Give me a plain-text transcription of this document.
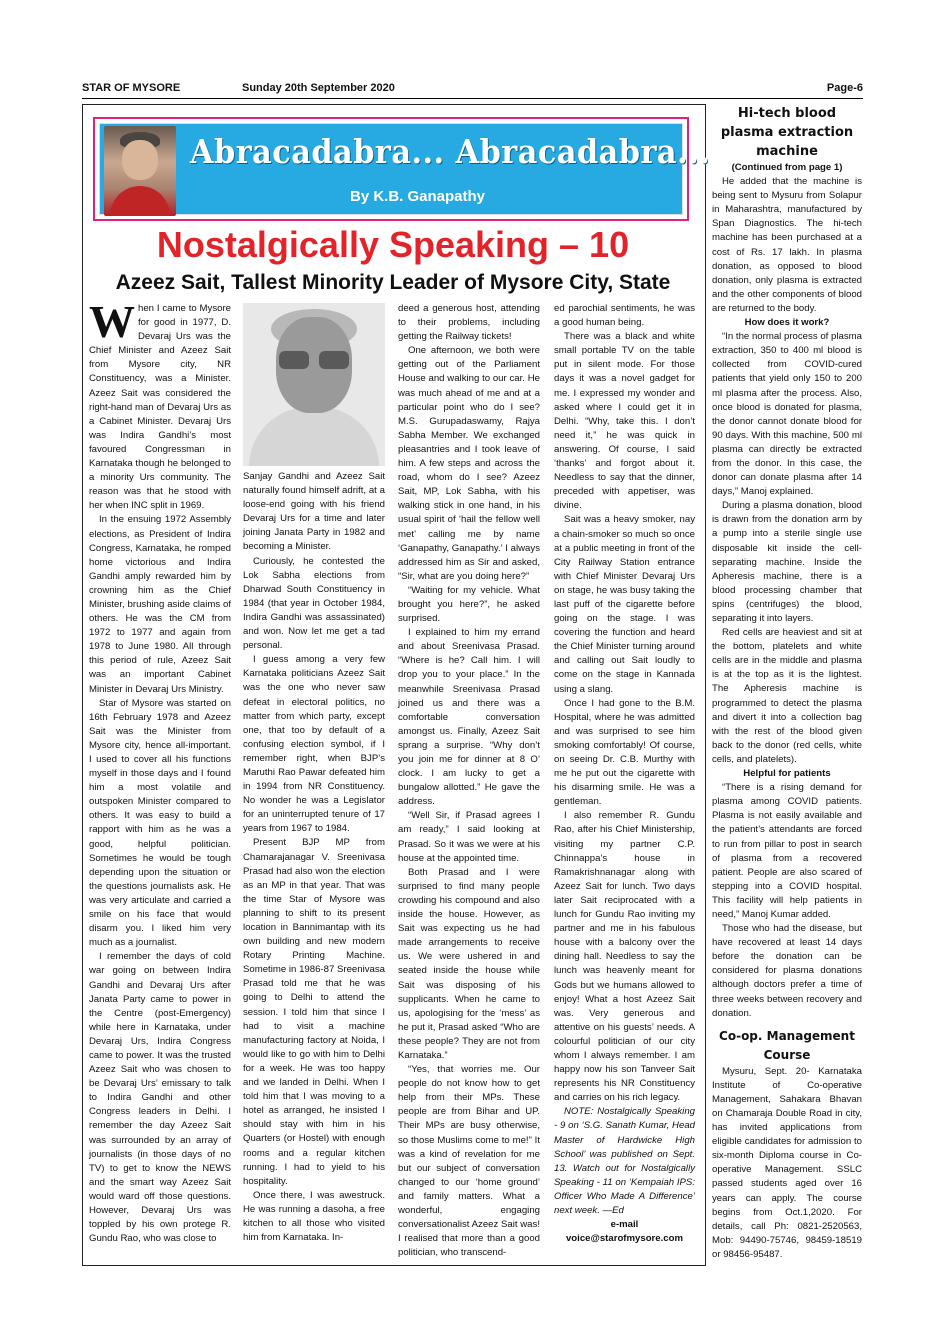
STAR OF MYSORE	Sunday 20th September 2020	Page-6
Abracadabra... Abracadabra...
By K.B. Ganapathy
Nostalgically Speaking – 10
Azeez Sait, Tallest Minority Leader of Mysore City, State

When I came to Mysore for good in 1977, D. Devaraj Urs was the Chief Minister and Azeez Sait from Mysore city, NR Constituency, was a Minister. Azeez Sait was considered the right-hand man of Devaraj Urs as a Cabinet Minister. Devaraj Urs was Indira Gandhi’s most favoured Congressman in Karnataka though he belonged to a minority Urs community. The reason was that he stood with her when INC split in 1969.

In the ensuing 1972 Assembly elections, as President of Indira Congress, Karnataka, he romped home victorious and Indira Gandhi amply rewarded him by crowning him as the Chief Minister, brushing aside claims of others. He was the CM from 1972 to 1977 and again from 1978 to June 1980. All through this period of rule, Azeez Sait was an important Cabinet Minister in Devaraj Urs Ministry.

Star of Mysore was started on 16th February 1978 and Azeez Sait was the Minister from Mysore city, hence all-important. I used to cover all his functions myself in those days and I found him a most volatile and outspoken Minister compared to others. It was easy to build a rapport with him as he was a good, helpful politician. Sometimes he would be tough depending upon the situation or the questions journalists ask. He was very articulate and carried a smile on his face that would disarm you. I liked him very much as a journalist.

I remember the days of cold war going on between Indira Gandhi and Devaraj Urs after Janata Party came to power in the Centre (post-Emergency) while here in Karnataka, under Devaraj Urs, Indira Congress came to power. It was the trusted Azeez Sait who was chosen to be Devaraj Urs’ emissary to talk to Indira Gandhi and other Congress leaders in Delhi. I remember the day Azeez Sait was surrounded by an array of journalists (in those days of no TV) to get to know the NEWS and the smart way Azeez Sait would ward off those questions. However, Devaraj Urs was toppled by his own protege R. Gundu Rao, who was close to

Sanjay Gandhi and Azeez Sait naturally found himself adrift, at a loose-end going with his friend Devaraj Urs for a time and later joining Janata Party in 1982 and becoming a Minister.

Curiously, he contested the Lok Sabha elections from Dharwad South Constituency in 1984 (that year in October 1984, Indira Gandhi was assassinated) and won. Now let me get a tad personal.

I guess among a very few Karnataka politicians Azeez Sait was the one who never saw defeat in electoral politics, no matter from which party, except one, that too by default of a confusing election symbol, if I remember right, when BJP’s Maruthi Rao Pawar defeated him in 1994 from NR Constituency. No wonder he was a Legislator for an uninterrupted tenure of 17 years from 1967 to 1984.

Present BJP MP from Chamarajanagar V. Sreenivasa Prasad had also won the election as an MP in that year. That was the time Star of Mysore was planning to shift to its present location in Bannimantap with its own building and new modern Rotary Printing Machine. Sometime in 1986-87 Sreenivasa Prasad told me that he was going to Delhi to attend the session. I told him that since I had to visit a machine manufacturing factory at Noida, I would like to go with him to Delhi for a week. He was too happy and we landed in Delhi. When I told him that I was moving to a hotel as arranged, he insisted I should stay with him in his Quarters (or Hostel) with enough rooms and a regular kitchen running. I had to yield to his hospitality.

Once there, I was awestruck. He was running a dasoha, a free kitchen to all those who visited him from Karnataka. In-

deed a generous host, attending to their problems, including getting the Railway tickets!

One afternoon, we both were getting out of the Parliament House and walking to our car. He was much ahead of me and at a particular point who do I see? M.S. Gurupadaswamy, Rajya Sabha Member. We exchanged pleasantries and I took leave of him. A few steps and across the road, whom do I see? Azeez Sait, MP, Lok Sabha, with his walking stick in one hand, in his usual spirit of ‘hail the fellow well met’ calling me by name ‘Ganapathy, Ganapathy.’ I always addressed him as Sir and asked, “Sir, what are you doing here?”

“Waiting for my vehicle. What brought you here?”, he asked surprised.

I explained to him my errand and about Sreenivasa Prasad. “Where is he? Call him. I will drop you to your place.” In the meanwhile Sreenivasa Prasad joined us and there was a comfortable conversation amongst us. Finally, Azeez Sait sprang a surprise. “Why don’t you join me for dinner at 8 O’ clock. I am lucky to get a bungalow allotted.” He gave the address.

“Well Sir, if Prasad agrees I am ready,” I said looking at Prasad. So it was we were at his house at the appointed time.

Both Prasad and I were surprised to find many people crowding his compound and also inside the house. However, as Sait was expecting us he had made arrangements to receive us. We were ushered in and seated inside the house while Sait was disposing of his supplicants. When he came to us, apologising for the ‘mess’ as he put it, Prasad asked “Who are these people? They are not from Karnataka.”

“Yes, that worries me. Our people do not know how to get help from their MPs. These people are from Bihar and UP. Their MPs are busy otherwise, so those Muslims come to me!” It was a kind of revelation for me but our subject of conversation changed to our ‘home ground’ and family matters. What a wonderful, engaging conversationalist Azeez Sait was! I realised that more than a good politician, who transcend-

ed parochial sentiments, he was a good human being.

There was a black and white small portable TV on the table put in silent mode. For those days it was a novel gadget for me. I expressed my wonder and asked where I could get it in Delhi. “Why, take this. I don’t need it,” he was quick in answering. Of course, I said ‘thanks’ and forgot about it. Needless to say that the dinner, preceded with appetiser, was divine.

Sait was a heavy smoker, nay a chain-smoker so much so once at a public meeting in front of the City Railway Station entrance with Chief Minister Devaraj Urs on stage, he was busy taking the last puff of the cigarette before going on the stage. I was covering the function and heard the Chief Minister turning around and calling out Sait loudly to come on the stage in Kannada using a slang.

Once I had gone to the B.M. Hospital, where he was admitted and was surprised to see him smoking comfortably! Of course, on seeing Dr. C.B. Murthy with me he put out the cigarette with his disarming smile. He was a gentleman.

I also remember R. Gundu Rao, after his Chief Ministership, visiting my partner C.P. Chinnappa’s house in Ramakrishnanagar along with Azeez Sait for lunch. Two days later Sait reciprocated with a lunch for Gundu Rao inviting my partner and me in his fabulous house with a balcony over the dining hall. Needless to say the lunch was heavenly meant for Gods but we humans allowed to enjoy! What a host Azeez Sait was. Very generous and attentive on his guests’ needs. A colourful politician of our city whom I always remember. I am happy now his son Tanveer Sait represents his NR Constituency and carries on his rich legacy.

NOTE: Nostalgically Speaking - 9 on ‘S.G. Sanath Kumar, Head Master of Hardwicke High School’ was published on Sept. 13. Watch out for Nostalgically Speaking - 11 on ‘Kempaiah IPS: Officer Who Made A Difference’ next week. —Ed

e-mail
voice@starofmysore.com
Hi-tech blood plasma extraction machine
(Continued from page 1)

He added that the machine is being sent to Mysuru from Solapur in Maharashtra, manufactured by Span Diagnostics. The hi-tech machine has been purchased at a cost of Rs. 17 lakh. In plasma donation, as opposed to blood donation, only plasma is extracted and the other components of blood are returned to the body.

How does it work?

“In the normal process of plasma extraction, 350 to 400 ml blood is collected from COVID-cured patients that yield only 150 to 200 ml plasma after the process. Also, once blood is donated for plasma, the donor cannot donate blood for 90 days. With this machine, 500 ml plasma can directly be extracted from the donor. In this case, the donor can donate plasma after 14 days,” Manoj explained.

During a plasma donation, blood is drawn from the donation arm by a pump into a sterile single use disposable kit inside the cell-separating machine. Inside the Apheresis machine, there is a blood processing chamber that spins (centrifuges) the blood, separating it into layers.

Red cells are heaviest and sit at the bottom, platelets and white cells are in the middle and plasma is at the top as it is the lightest. The Apheresis machine is programmed to detect the plasma and divert it into a collection bag with the rest of the blood given back to the donor (red cells, white cells, and platelets).

Helpful for patients

“There is a rising demand for plasma among COVID patients. Plasma is not easily available and the patient’s attendants are forced to run from pillar to post in search of plasma from a recovered patient. People are also scared of stepping into a COVID hospital. This facility will help patients in need,” Manoj Kumar added.

Those who had the disease, but have recovered at least 14 days before the donation can be considered for plasma donations although doctors prefer a time of three weeks between recovery and donation.

Co-op. Management Course

Mysuru, Sept. 20- Karnataka Institute of Co-operative Management, Sahakara Bhavan on Chamaraja Double Road in city, has invited applications from eligible candidates for admission to six-month Diploma course in Co-operative Management. SSLC passed students aged over 16 years can apply. The course begins from Oct.1,2020. For details, call Ph: 0821-2520563, Mob: 94490-75746, 98459-18519 or 98456-95487.
